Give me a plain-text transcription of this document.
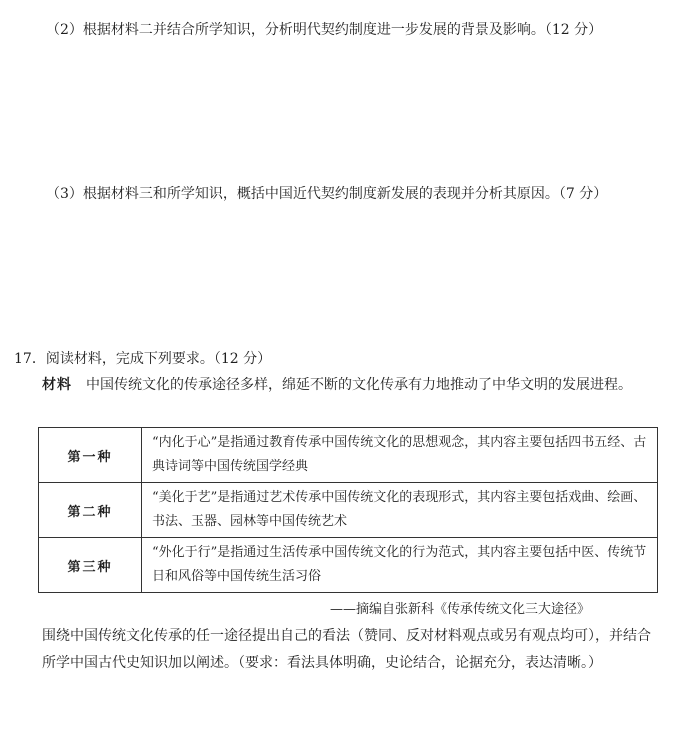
（2）根据材料二并结合所学知识，分析明代契约制度进一步发展的背景及影响。（12 分）
（3）根据材料三和所学知识，概括中国近代契约制度新发展的表现并分析其原因。（7 分）
17．阅读材料，完成下列要求。（12 分）
材料　 中国传统文化的传承途径多样，绵延不断的文化传承有力地推动了中华文明的发展进程。
第一种	“内化于心”是指通过教育传承中国传统文化的思想观念，其内容主要包括四书五经、古典诗词等中国传统国学经典
第二种	“美化于艺”是指通过艺术传承中国传统文化的表现形式，其内容主要包括戏曲、绘画、书法、玉器、园林等中国传统艺术
第三种	“外化于行”是指通过生活传承中国传统文化的行为范式，其内容主要包括中医、传统节日和风俗等中国传统生活习俗
——摘编自张新科《传承传统文化三大途径》
围绕中国传统文化传承的任一途径提出自己的看法（赞同、反对材料观点或另有观点均可），并结合所学中国古代史知识加以阐述。（要求：看法具体明确，史论结合，论据充分，表达清晰。）
